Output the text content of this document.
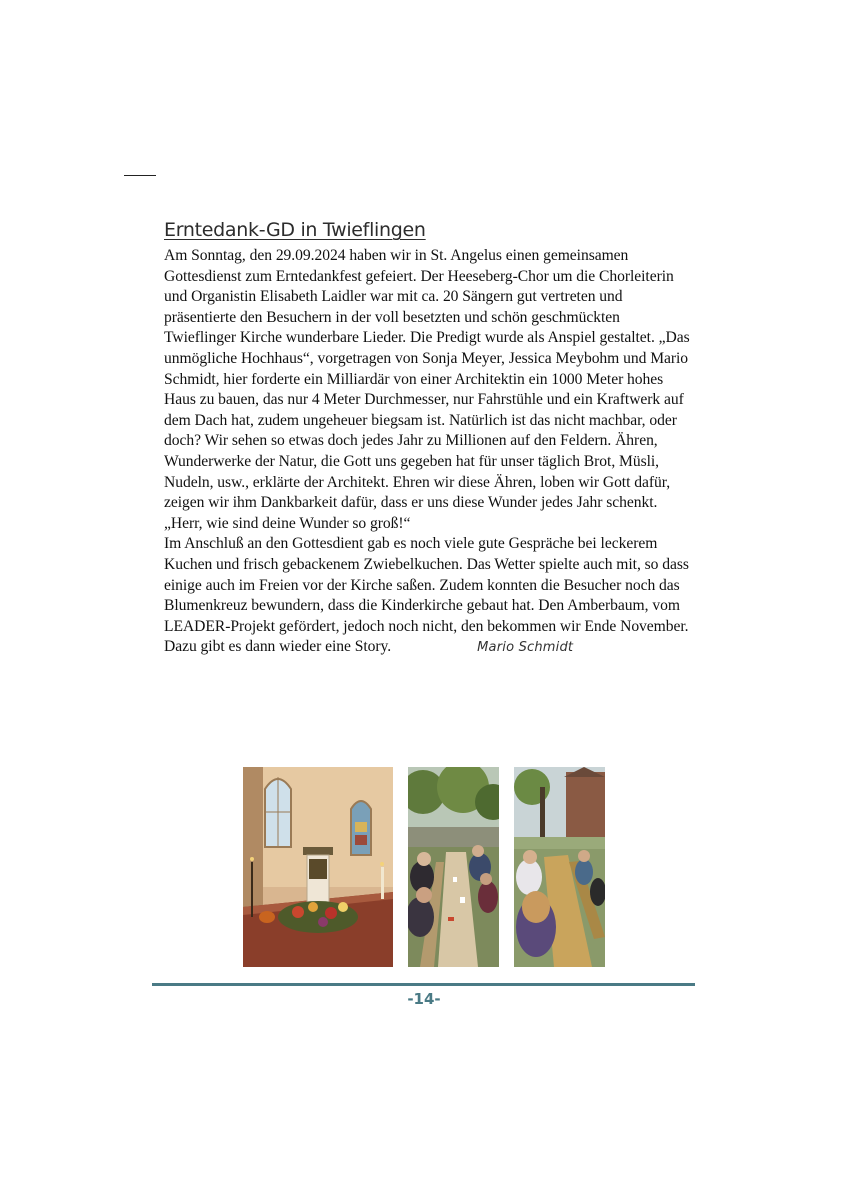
Erntedank-GD in Twieflingen

Am Sonntag, den 29.09.2024 haben wir in St. Angelus einen gemeinsamen Gottesdienst zum Erntedankfest gefeiert. Der Heeseberg-Chor um die Chorleiterin und Organistin Elisabeth Laidler war mit ca. 20 Sängern gut vertreten und präsentierte den Besuchern in der voll besetzten und schön geschmückten Twieflinger Kirche wunderbare Lieder. Die Predigt wurde als Anspiel gestaltet. „Das unmögliche Hochhaus“, vorgetragen von Sonja Meyer, Jessica Meybohm und Mario Schmidt, hier forderte ein Milliardär von einer Architektin ein 1000 Meter hohes Haus zu bauen, das nur 4 Meter Durchmesser, nur Fahrstühle und ein Kraftwerk auf dem Dach hat, zudem ungeheuer biegsam ist. Natürlich ist das nicht machbar, oder doch? Wir sehen so etwas doch jedes Jahr zu Millionen auf den Feldern. Ähren, Wunderwerke der Natur, die Gott uns gegeben hat für unser täglich Brot, Müsli, Nudeln, usw., erklärte der Architekt. Ehren wir diese Ähren, loben wir Gott dafür, zeigen wir ihm Dankbarkeit dafür, dass er uns diese Wunder jedes Jahr schenkt. „Herr, wie sind deine Wunder so groß!“

Im Anschluß an den Gottesdient gab es noch viele gute Gespräche bei leckerem Kuchen und frisch gebackenem Zwiebelkuchen. Das Wetter spielte auch mit, so dass einige auch im Freien vor der Kirche saßen. Zudem konnten die Besucher noch das Blumenkreuz bewundern, dass die Kinderkirche gebaut hat. Den Amberbaum, vom LEADER-Projekt gefördert, jedoch noch nicht, den bekommen wir Ende November. Dazu gibt es dann wieder eine Story.	Mario Schmidt

-14-
